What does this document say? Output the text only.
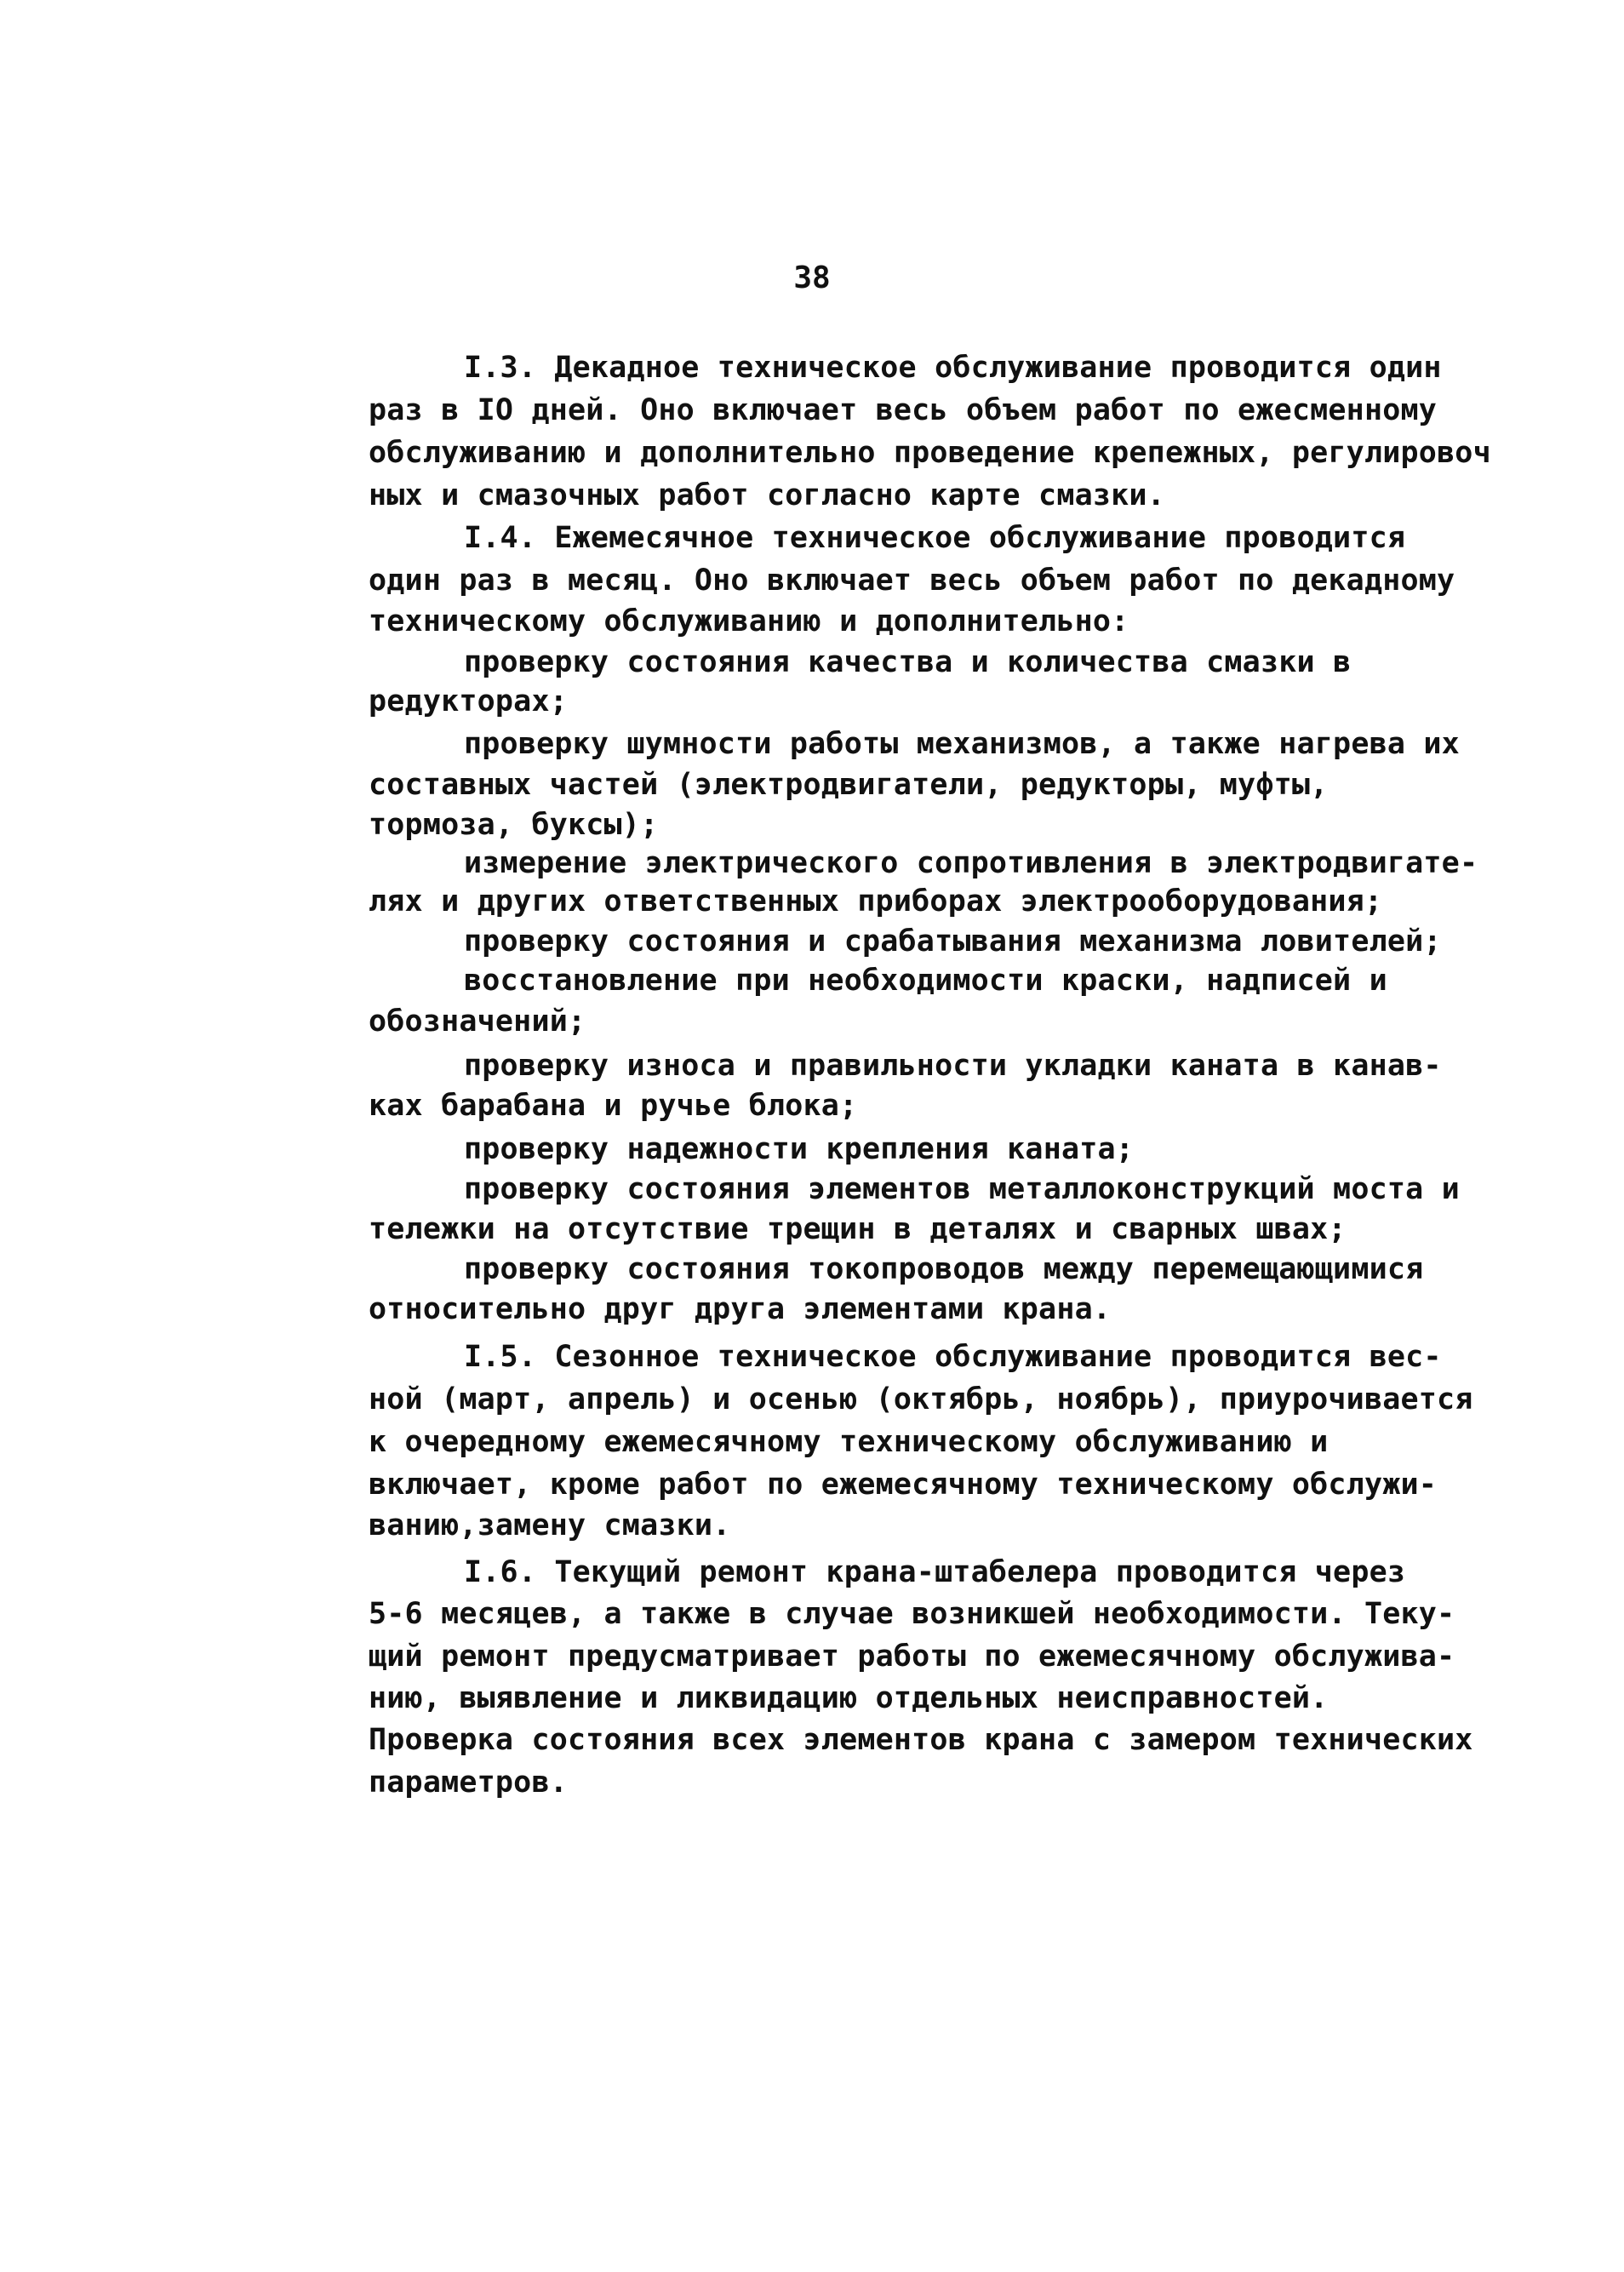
38
I.3. Декадное техническое обслуживание проводится один
раз в IO дней. Оно включает весь объем работ по ежесменному
обслуживанию и дополнительно проведение крепежных, регулировоч
ных и смазочных работ согласно карте смазки.
I.4. Ежемесячное техническое обслуживание проводится
один раз в месяц. Оно включает весь объем работ по декадному
техническому обслуживанию и дополнительно:
проверку состояния качества и количества смазки в
редукторах;
проверку шумности работы механизмов, а также нагрева их
составных частей (электродвигатели, редукторы, муфты,
тормоза, буксы);
измерение электрического сопротивления в электродвигате-
лях и других ответственных приборах электрооборудования;
проверку состояния и срабатывания механизма ловителей;
восстановление при необходимости краски, надписей и
обозначений;
проверку износа и правильности укладки каната в канав-
ках барабана и ручье блока;
проверку надежности крепления каната;
проверку состояния элементов металлоконструкций моста и
тележки на отсутствие трещин в деталях и сварных швах;
проверку состояния токопроводов между перемещающимися
относительно друг друга элементами крана.
I.5. Сезонное техническое обслуживание проводится вес-
ной (март, апрель) и осенью (октябрь, ноябрь), приурочивается
к очередному ежемесячному техническому обслуживанию и
включает, кроме работ по ежемесячному техническому обслужи-
ванию,замену смазки.
I.6. Текущий ремонт крана-штабелера проводится через
5-6 месяцев, а также в случае возникшей необходимости. Теку-
щий ремонт предусматривает работы по ежемесячному обслужива-
нию, выявление и ликвидацию отдельных неисправностей.
Проверка состояния всех элементов крана с замером технических
параметров.
